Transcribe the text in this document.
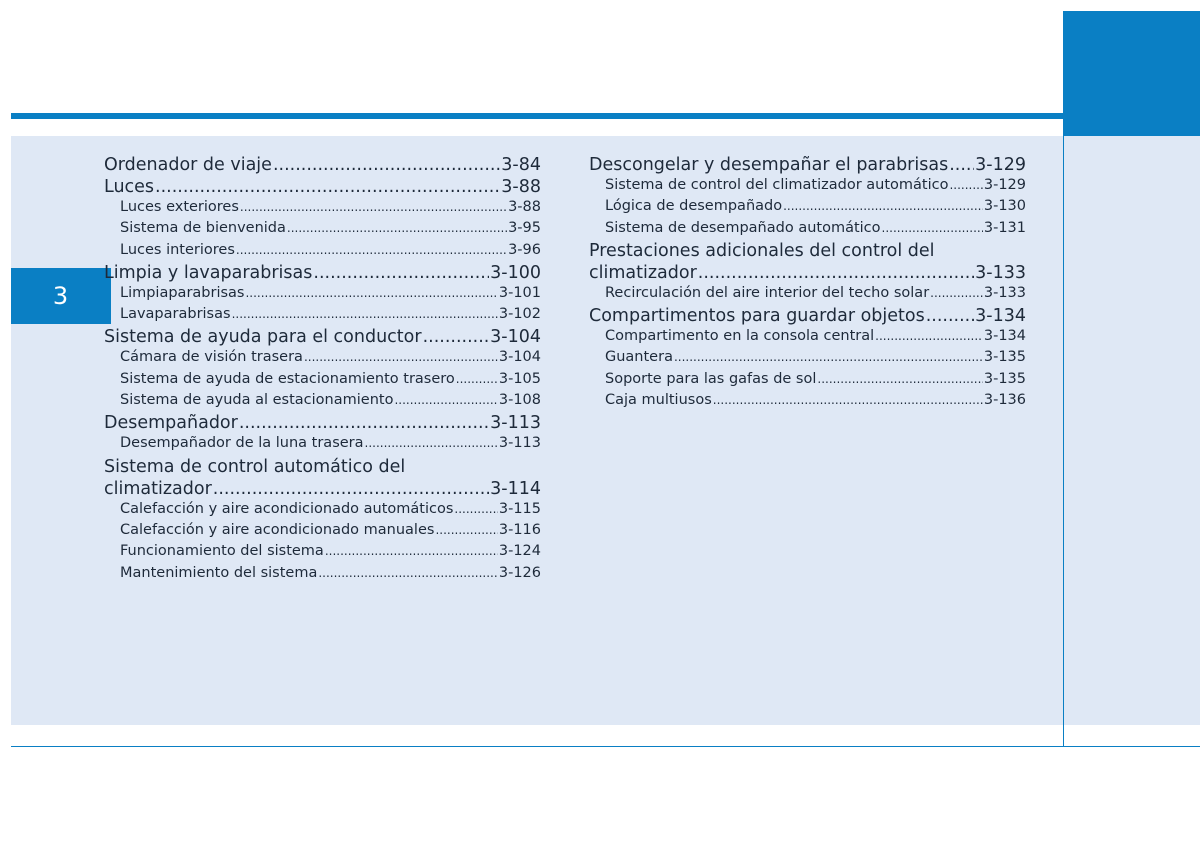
3
Ordenador de viaje .....	3-84
Luces .....	3-88
Luces exteriores .....	3-88
Sistema de bienvenida .....	3-95
Luces interiores .....	3-96
Limpia y lavaparabrisas .....	3-100
Limpiaparabrisas .....	3-101
Lavaparabrisas .....	3-102
Sistema de ayuda para el conductor .....	3-104
Cámara de visión trasera .....	3-104
Sistema de ayuda de estacionamiento trasero .....	3-105
Sistema de ayuda al estacionamiento .....	3-108
Desempañador .....	3-113
Desempañador de la luna trasera .....	3-113
Sistema de control automático del
climatizador .....	3-114
Calefacción y aire acondicionado automáticos .....	3-115
Calefacción y aire acondicionado manuales .....	3-116
Funcionamiento del sistema .....	3-124
Mantenimiento del sistema .....	3-126
Descongelar y desempañar el parabrisas ..... 3-129
Sistema de control del climatizador automático ..... 3-129
Lógica de desempañado .....	3-130
Sistema de desempañado automático .....	3-131
Prestaciones adicionales del control del
climatizador .....	3-133
Recirculación del aire interior del techo solar .....	3-133
Compartimentos para guardar objetos .....	3-134
Compartimento en la consola central .....	3-134
Guantera .....	3-135
Soporte para las gafas de sol .....	3-135
Caja multiusos .....	3-136
